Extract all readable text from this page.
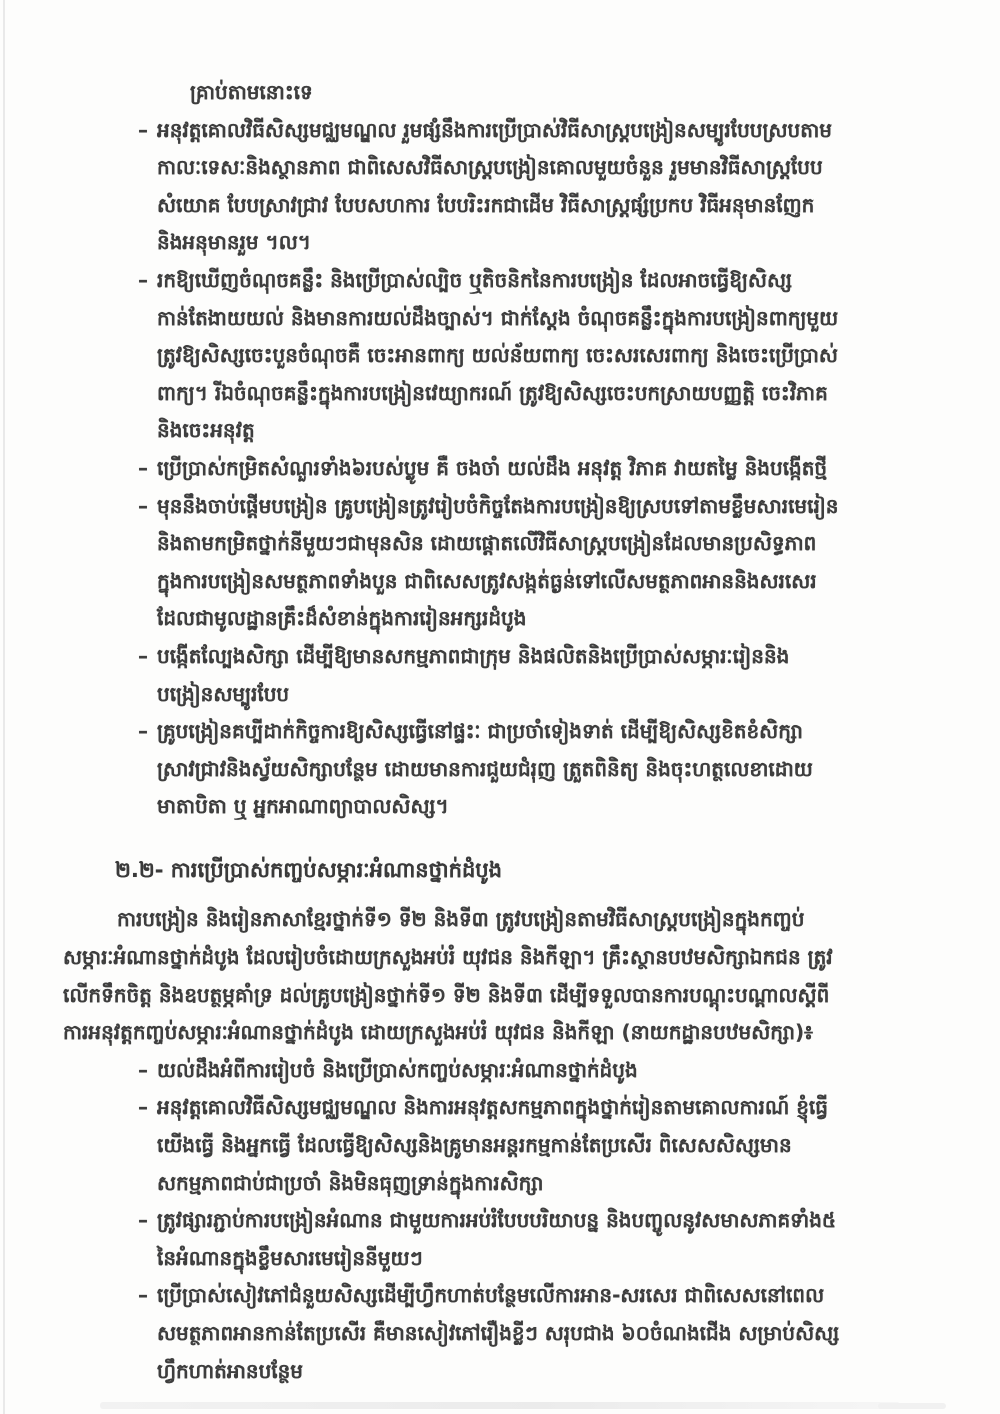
គ្រាប់តាមនោះទេ
– អនុវត្តគោលវិធីសិស្សមជ្ឈមណ្ឌល រួមផ្សំនឹងការប្រើប្រាស់វិធីសាស្ត្របង្រៀនសម្បូរបែបស្របតាម
កាលៈទេសៈនិងស្ថានភាព ជាពិសេសវិធីសាស្ត្របង្រៀនគោលមួយចំនួន រួមមានវិធីសាស្ត្របែប
សំយោគ បែបស្រាវជ្រាវ បែបសហការ បែបរិះរកជាដើម វិធីសាស្ត្រផ្សំប្រកប វិធីអនុមានញែក
និងអនុមានរួម ។ល។
– រកឱ្យឃើញចំណុចគន្លឹះ និងប្រើប្រាស់ល្បិច ឬតិចនិកនៃការបង្រៀន ដែលអាចធ្វើឱ្យសិស្ស
កាន់តែងាយយល់ និងមានការយល់ដឹងច្បាស់។ ជាក់ស្តែង ចំណុចគន្លឹះក្នុងការបង្រៀនពាក្យមួយ
ត្រូវឱ្យសិស្សចេះបួនចំណុចគឺ ចេះអានពាក្យ យល់ន័យពាក្យ ចេះសរសេរពាក្យ និងចេះប្រើប្រាស់
ពាក្យ។ រីឯចំណុចគន្លឹះក្នុងការបង្រៀនវេយ្យាករណ៍ ត្រូវឱ្យសិស្សចេះបកស្រាយបញ្ញត្តិ ចេះវិភាគ
និងចេះអនុវត្ត
– ប្រើប្រាស់កម្រិតសំណួរទាំង៦របស់ប្លូម គឺ ចងចាំ យល់ដឹង អនុវត្ត វិភាគ វាយតម្លៃ និងបង្កើតថ្មី
– មុននឹងចាប់ផ្តើមបង្រៀន គ្រូបង្រៀនត្រូវរៀបចំកិច្ចតែងការបង្រៀនឱ្យស្របទៅតាមខ្លឹមសារមេរៀន
និងតាមកម្រិតថ្នាក់នីមួយៗជាមុនសិន ដោយផ្តោតលើវិធីសាស្ត្របង្រៀនដែលមានប្រសិទ្ធភាព
ក្នុងការបង្រៀនសមត្ថភាពទាំងបួន ជាពិសេសត្រូវសង្កត់ធ្ងន់ទៅលើសមត្ថភាពអាននិងសរសេរ
ដែលជាមូលដ្ឋានគ្រឹះដ៏សំខាន់ក្នុងការរៀនអក្សរដំបូង
– បង្កើតល្បែងសិក្សា ដើម្បីឱ្យមានសកម្មភាពជាក្រុម និងផលិតនិងប្រើប្រាស់សម្ភារៈរៀននិង
បង្រៀនសម្បូរបែប
– គ្រូបង្រៀនគប្បីដាក់កិច្ចការឱ្យសិស្សធ្វើនៅផ្ទះៈ ជាប្រចាំទៀងទាត់ ដើម្បីឱ្យសិស្សខិតខំសិក្សា
ស្រាវជ្រាវនិងស្វ័យសិក្សាបន្ថែម ដោយមានការជួយជំរុញ ត្រួតពិនិត្យ និងចុះហត្ថលេខាដោយ
មាតាបិតា ឬ អ្នកអាណាព្យាបាលសិស្ស។
២.២- ការប្រើប្រាស់កញ្ចប់សម្ភារៈអំណានថ្នាក់ដំបូង
ការបង្រៀន និងរៀនភាសាខ្មែរថ្នាក់ទី១ ទី២ និងទី៣ ត្រូវបង្រៀនតាមវិធីសាស្ត្របង្រៀនក្នុងកញ្ចប់
សម្ភារៈអំណានថ្នាក់ដំបូង ដែលរៀបចំដោយក្រសួងអប់រំ យុវជន និងកីឡា។ គ្រឹះស្ថានបឋមសិក្សាឯកជន ត្រូវ
លើកទឹកចិត្ត និងឧបត្ថម្ភគាំទ្រ ដល់គ្រូបង្រៀនថ្នាក់ទី១ ទី២ និងទី៣ ដើម្បីទទួលបានការបណ្តុះបណ្តាលស្តីពី
ការអនុវត្តកញ្ចប់សម្ភារៈអំណានថ្នាក់ដំបូង ដោយក្រសួងអប់រំ យុវជន និងកីឡា (នាយកដ្ឋានបឋមសិក្សា)៖
– យល់ដឹងអំពីការរៀបចំ និងប្រើប្រាស់កញ្ចប់សម្ភារៈអំណានថ្នាក់ដំបូង
– អនុវត្តគោលវិធីសិស្សមជ្ឈមណ្ឌល និងការអនុវត្តសកម្មភាពក្នុងថ្នាក់រៀនតាមគោលការណ៍ ខ្ញុំធ្វើ
យើងធ្វើ និងអ្នកធ្វើ ដែលធ្វើឱ្យសិស្សនិងគ្រូមានអន្តរកម្មកាន់តែប្រសើរ ពិសេសសិស្សមាន
សកម្មភាពជាប់ជាប្រចាំ និងមិនធុញទ្រាន់ក្នុងការសិក្សា
– ត្រូវផ្សារភ្ជាប់ការបង្រៀនអំណាន ជាមួយការអប់រំបែបបរិយាបន្ន និងបញ្ចូលនូវសមាសភាគទាំង៥
នៃអំណានក្នុងខ្លឹមសារមេរៀននីមួយៗ
– ប្រើប្រាស់សៀវភៅជំនួយសិស្សដើម្បីហ្វឹកហាត់បន្ថែមលើការអាន-សរសេរ ជាពិសេសនៅពេល
សមត្ថភាពអានកាន់តែប្រសើរ គឺមានសៀវភៅរឿងខ្លីៗ សរុបជាង ៦០ចំណងជើង សម្រាប់សិស្ស
ហ្វឹកហាត់អានបន្ថែម
